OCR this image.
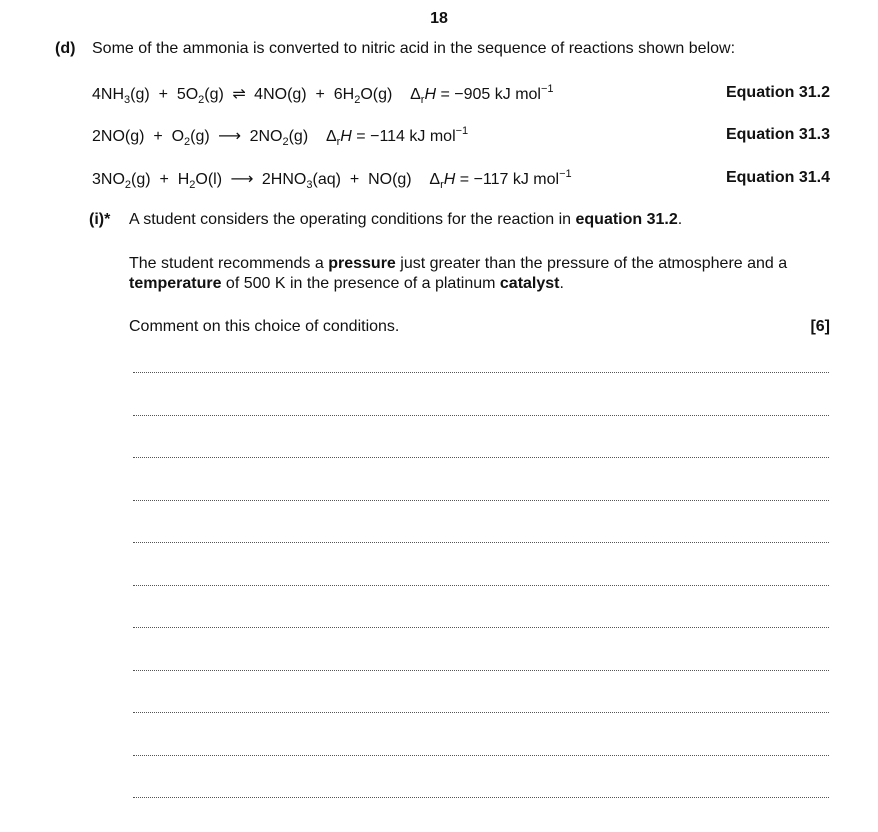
18
(d) Some of the ammonia is converted to nitric acid in the sequence of reactions shown below:
$4NH_3(g) + 5O_2(g)$ ⇌ $4NO(g) + 6H_2O(g) \Delta_rH = -905$ kJ mol$^{-1}$	Equation 31.2
$2NO(g) + O_2(g)$ ⟶ $2NO_2(g) \Delta_rH = -114$ kJ mol$^{-1}$	Equation 31.3
$3NO_2(g) + H_2O(l)$ ⟶ $2HNO_3(aq) + NO(g) \Delta_rH = -117$ kJ mol$^{-1}$	Equation 31.4
(i)* A student considers the operating conditions for the reaction in equation 31.2.
The student recommends a pressure just greater than the pressure of the atmosphere and a temperature of 500 K in the presence of a platinum catalyst.
Comment on this choice of conditions.	[6]
